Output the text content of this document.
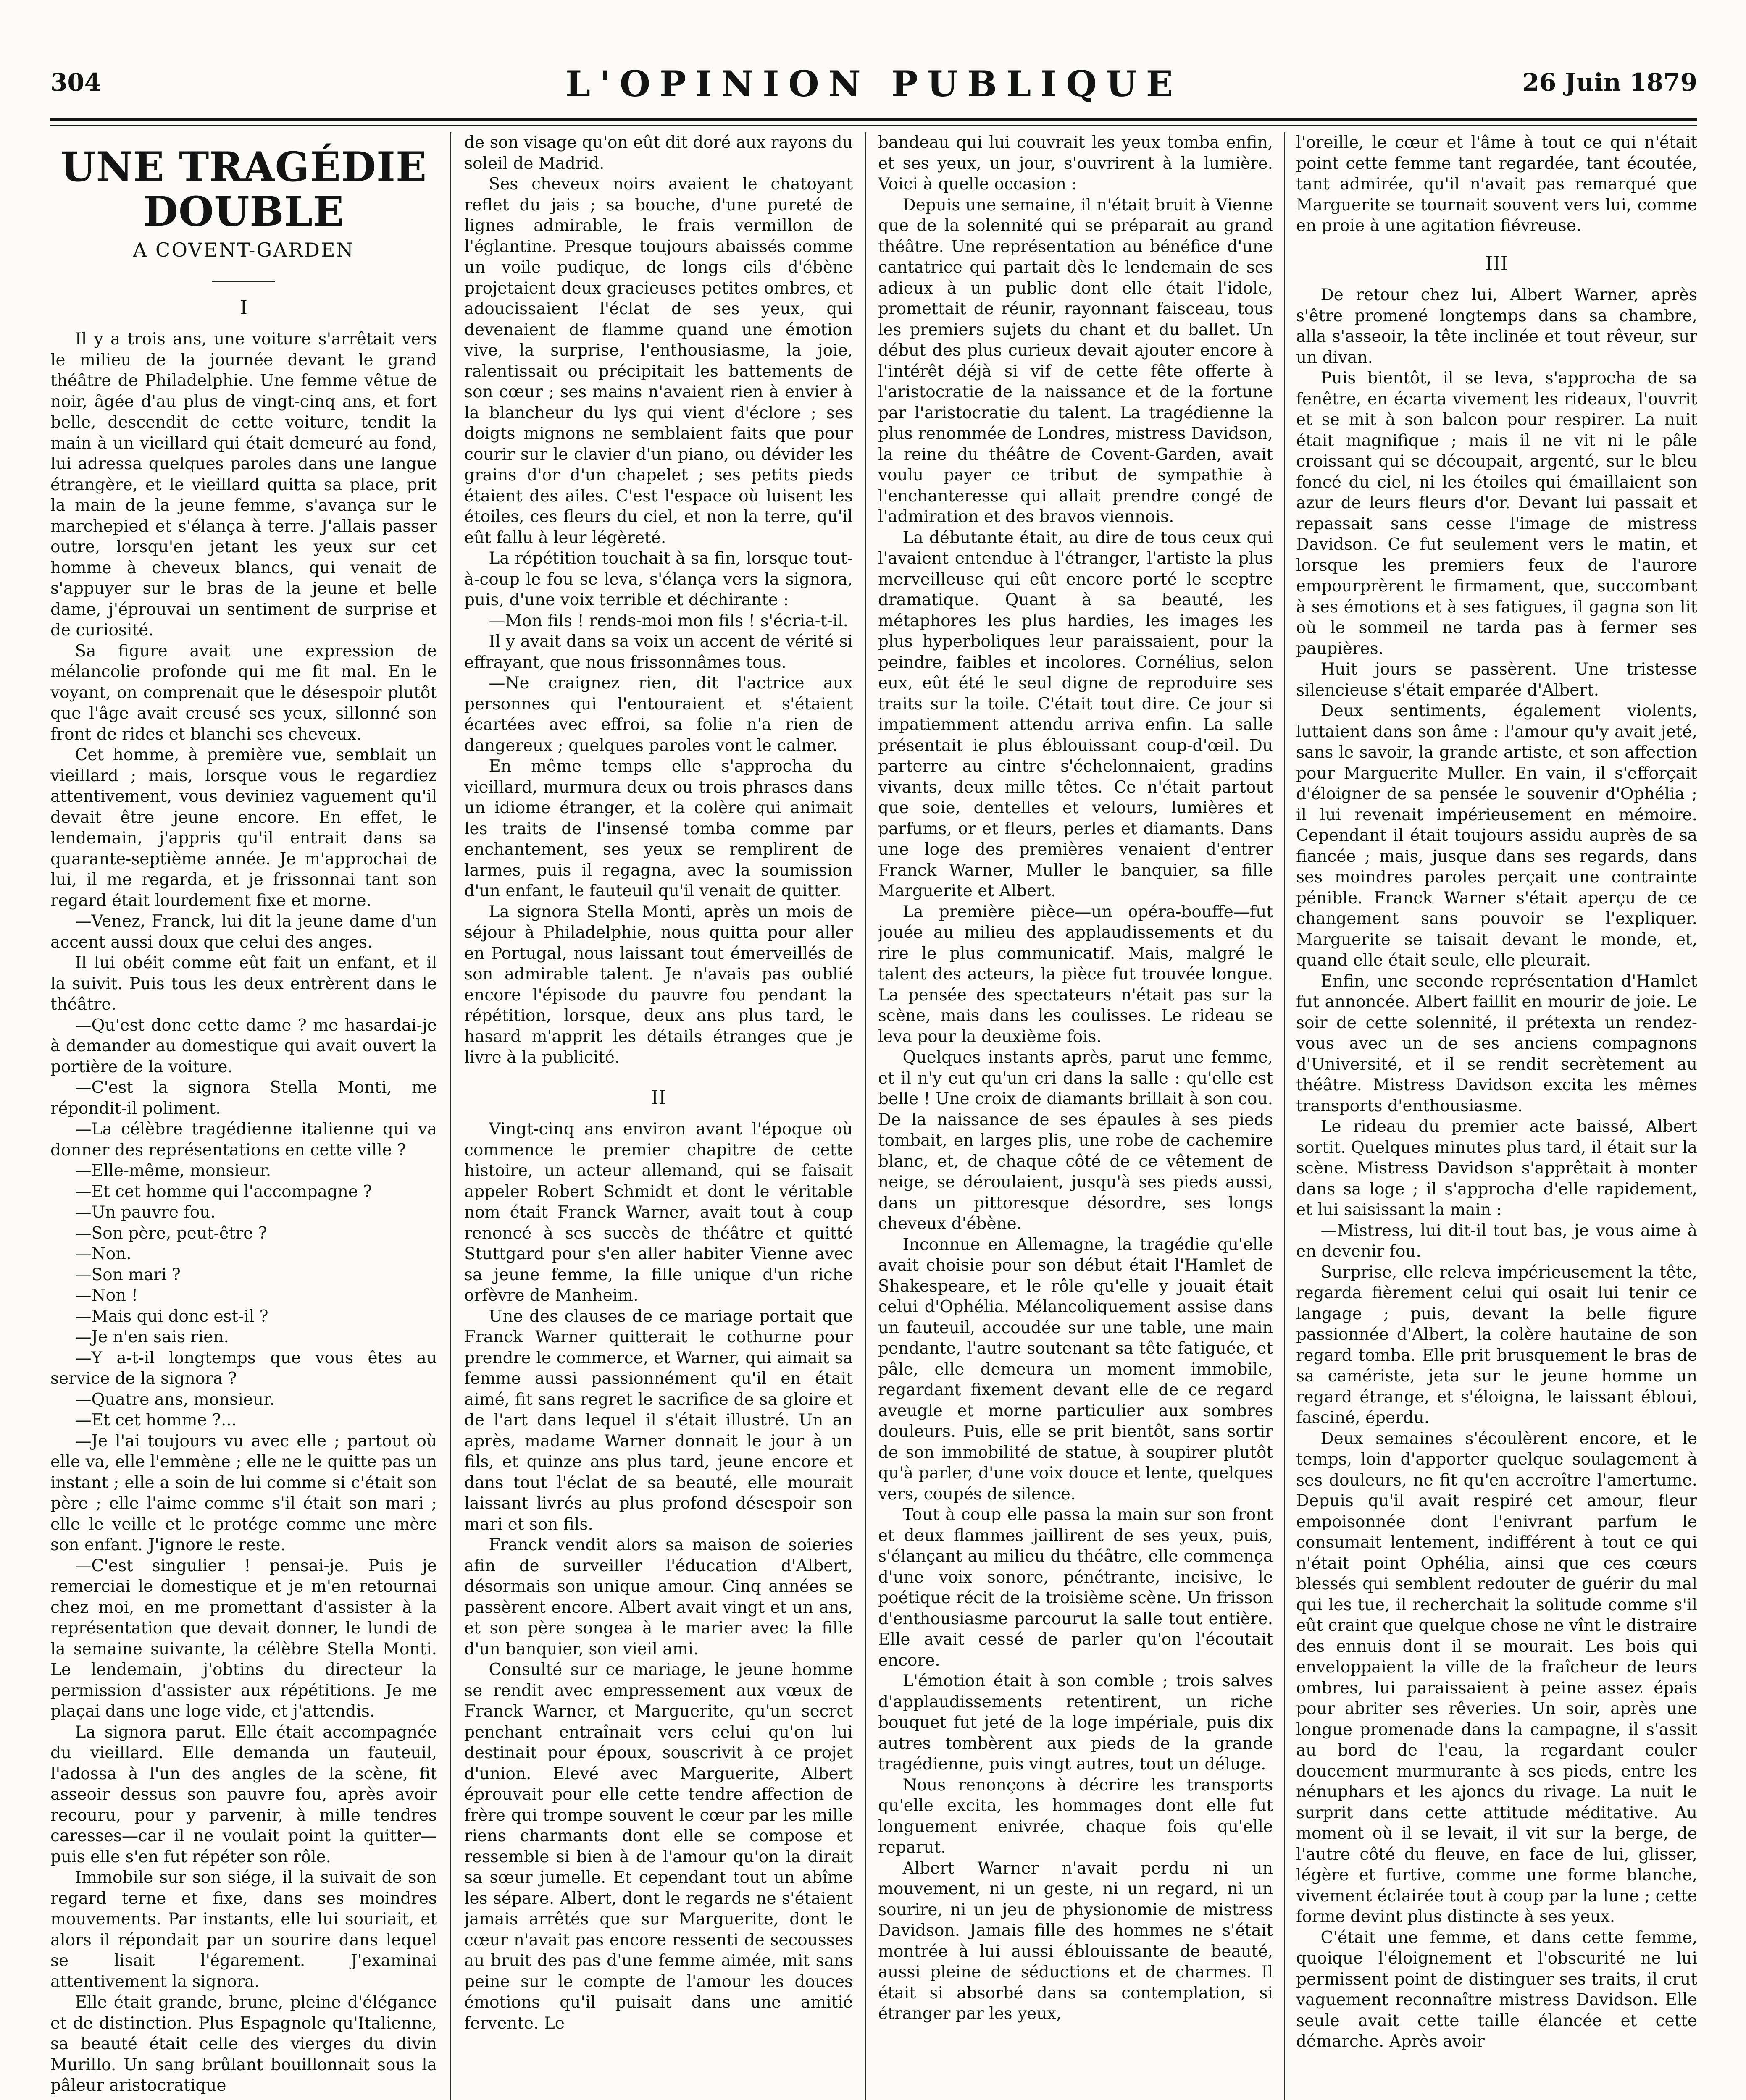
304	L'OPINION PUBLIQUE	26 Juin 1879
UNE TRAGÉDIE DOUBLE
A COVENT-GARDEN
I

Il y a trois ans, une voiture s'arrêtait vers le milieu de la journée devant le grand théâtre de Philadelphie. Une femme vêtue de noir, âgée d'au plus de vingt-cinq ans, et fort belle, descendit de cette voiture, tendit la main à un vieillard qui était demeuré au fond, lui adressa quelques paroles dans une langue étrangère, et le vieillard quitta sa place, prit la main de la jeune femme, s'avança sur le marchepied et s'élança à terre. J'allais passer outre, lorsqu'en jetant les yeux sur cet homme à cheveux blancs, qui venait de s'appuyer sur le bras de la jeune et belle dame, j'éprouvai un sentiment de surprise et de curiosité.

Sa figure avait une expression de mélancolie profonde qui me fit mal. En le voyant, on comprenait que le désespoir plutôt que l'âge avait creusé ses yeux, sillonné son front de rides et blanchi ses cheveux.

Cet homme, à première vue, semblait un vieillard ; mais, lorsque vous le regardiez attentivement, vous deviniez vaguement qu'il devait être jeune encore. En effet, le lendemain, j'appris qu'il entrait dans sa quarante-septième année. Je m'approchai de lui, il me regarda, et je frissonnai tant son regard était lourdement fixe et morne.

—Venez, Franck, lui dit la jeune dame d'un accent aussi doux que celui des anges.

Il lui obéit comme eût fait un enfant, et il la suivit. Puis tous les deux entrèrent dans le théâtre.

—Qu'est donc cette dame ? me hasardai-je à demander au domestique qui avait ouvert la portière de la voiture.

—C'est la signora Stella Monti, me répondit-il poliment.

—La célèbre tragédienne italienne qui va donner des représentations en cette ville ?

—Elle-même, monsieur.

—Et cet homme qui l'accompagne ?

—Un pauvre fou.

—Son père, peut-être ?

—Non.

—Son mari ?

—Non !

—Mais qui donc est-il ?

—Je n'en sais rien.

—Y a-t-il longtemps que vous êtes au service de la signora ?

—Quatre ans, monsieur.

—Et cet homme ?...

—Je l'ai toujours vu avec elle ; partout où elle va, elle l'emmène ; elle ne le quitte pas un instant ; elle a soin de lui comme si c'était son père ; elle l'aime comme s'il était son mari ; elle le veille et le protége comme une mère son enfant. J'ignore le reste.

—C'est singulier ! pensai-je. Puis je remerciai le domestique et je m'en retournai chez moi, en me promettant d'assister à la représentation que devait donner, le lundi de la semaine suivante, la célèbre Stella Monti. Le lendemain, j'obtins du directeur la permission d'assister aux répétitions. Je me plaçai dans une loge vide, et j'attendis.

La signora parut. Elle était accompagnée du vieillard. Elle demanda un fauteuil, l'adossa à l'un des angles de la scène, fit asseoir dessus son pauvre fou, après avoir recouru, pour y parvenir, à mille tendres caresses—car il ne voulait point la quitter—puis elle s'en fut répéter son rôle.

Immobile sur son siége, il la suivait de son regard terne et fixe, dans ses moindres mouvements. Par instants, elle lui souriait, et alors il répondait par un sourire dans lequel se lisait l'égarement. J'examinai attentivement la signora.

Elle était grande, brune, pleine d'élégance et de distinction. Plus Espagnole qu'Italienne, sa beauté était celle des vierges du divin Murillo. Un sang brûlant bouillonnait sous la pâleur aristocratique

de son visage qu'on eût dit doré aux rayons du soleil de Madrid.

Ses cheveux noirs avaient le chatoyant reflet du jais ; sa bouche, d'une pureté de lignes admirable, le frais vermillon de l'églantine. Presque toujours abaissés comme un voile pudique, de longs cils d'ébène projetaient deux gracieuses petites ombres, et adoucissaient l'éclat de ses yeux, qui devenaient de flamme quand une émotion vive, la surprise, l'enthousiasme, la joie, ralentissait ou précipitait les battements de son cœur ; ses mains n'avaient rien à envier à la blancheur du lys qui vient d'éclore ; ses doigts mignons ne semblaient faits que pour courir sur le clavier d'un piano, ou dévider les grains d'or d'un chapelet ; ses petits pieds étaient des ailes. C'est l'espace où luisent les étoiles, ces fleurs du ciel, et non la terre, qu'il eût fallu à leur légèreté.

La répétition touchait à sa fin, lorsque tout-à-coup le fou se leva, s'élança vers la signora, puis, d'une voix terrible et déchirante :

—Mon fils ! rends-moi mon fils ! s'écria-t-il.

Il y avait dans sa voix un accent de vérité si effrayant, que nous frissonnâmes tous.

—Ne craignez rien, dit l'actrice aux personnes qui l'entouraient et s'étaient écartées avec effroi, sa folie n'a rien de dangereux ; quelques paroles vont le calmer.

En même temps elle s'approcha du vieillard, murmura deux ou trois phrases dans un idiome étranger, et la colère qui animait les traits de l'insensé tomba comme par enchantement, ses yeux se remplirent de larmes, puis il regagna, avec la soumission d'un enfant, le fauteuil qu'il venait de quitter.

La signora Stella Monti, après un mois de séjour à Philadelphie, nous quitta pour aller en Portugal, nous laissant tout émerveillés de son admirable talent. Je n'avais pas oublié encore l'épisode du pauvre fou pendant la répétition, lorsque, deux ans plus tard, le hasard m'apprit les détails étranges que je livre à la publicité.

II

Vingt-cinq ans environ avant l'époque où commence le premier chapitre de cette histoire, un acteur allemand, qui se faisait appeler Robert Schmidt et dont le véritable nom était Franck Warner, avait tout à coup renoncé à ses succès de théâtre et quitté Stuttgard pour s'en aller habiter Vienne avec sa jeune femme, la fille unique d'un riche orfèvre de Manheim.

Une des clauses de ce mariage portait que Franck Warner quitterait le cothurne pour prendre le commerce, et Warner, qui aimait sa femme aussi passionnément qu'il en était aimé, fit sans regret le sacrifice de sa gloire et de l'art dans lequel il s'était illustré. Un an après, madame Warner donnait le jour à un fils, et quinze ans plus tard, jeune encore et dans tout l'éclat de sa beauté, elle mourait laissant livrés au plus profond désespoir son mari et son fils.

Franck vendit alors sa maison de soieries afin de surveiller l'éducation d'Albert, désormais son unique amour. Cinq années se passèrent encore. Albert avait vingt et un ans, et son père songea à le marier avec la fille d'un banquier, son vieil ami.

Consulté sur ce mariage, le jeune homme se rendit avec empressement aux vœux de Franck Warner, et Marguerite, qu'un secret penchant entraînait vers celui qu'on lui destinait pour époux, souscrivit à ce projet d'union. Elevé avec Marguerite, Albert éprouvait pour elle cette tendre affection de frère qui trompe souvent le cœur par les mille riens charmants dont elle se compose et ressemble si bien à de l'amour qu'on la dirait sa sœur jumelle. Et cependant tout un abîme les sépare. Albert, dont le regards ne s'étaient jamais arrêtés que sur Marguerite, dont le cœur n'avait pas encore ressenti de secousses au bruit des pas d'une femme aimée, mit sans peine sur le compte de l'amour les douces émotions qu'il puisait dans une amitié fervente. Le

bandeau qui lui couvrait les yeux tomba enfin, et ses yeux, un jour, s'ouvrirent à la lumière. Voici à quelle occasion :

Depuis une semaine, il n'était bruit à Vienne que de la solennité qui se préparait au grand théâtre. Une représentation au bénéfice d'une cantatrice qui partait dès le lendemain de ses adieux à un public dont elle était l'idole, promettait de réunir, rayonnant faisceau, tous les premiers sujets du chant et du ballet. Un début des plus curieux devait ajouter encore à l'intérêt déjà si vif de cette fête offerte à l'aristocratie de la naissance et de la fortune par l'aristocratie du talent. La tragédienne la plus renommée de Londres, mistress Davidson, la reine du théâtre de Covent-Garden, avait voulu payer ce tribut de sympathie à l'enchanteresse qui allait prendre congé de l'admiration et des bravos viennois.

La débutante était, au dire de tous ceux qui l'avaient entendue à l'étranger, l'artiste la plus merveilleuse qui eût encore porté le sceptre dramatique. Quant à sa beauté, les métaphores les plus hardies, les images les plus hyperboliques leur paraissaient, pour la peindre, faibles et incolores. Cornélius, selon eux, eût été le seul digne de reproduire ses traits sur la toile. C'était tout dire. Ce jour si impatiemment attendu arriva enfin. La salle présentait ie plus éblouissant coup-d'œil. Du parterre au cintre s'échelonnaient, gradins vivants, deux mille têtes. Ce n'était partout que soie, dentelles et velours, lumières et parfums, or et fleurs, perles et diamants. Dans une loge des premières venaient d'entrer Franck Warner, Muller le banquier, sa fille Marguerite et Albert.

La première pièce—un opéra-bouffe—fut jouée au milieu des applaudissements et du rire le plus communicatif. Mais, malgré le talent des acteurs, la pièce fut trouvée longue. La pensée des spectateurs n'était pas sur la scène, mais dans les coulisses. Le rideau se leva pour la deuxième fois.

Quelques instants après, parut une femme, et il n'y eut qu'un cri dans la salle : qu'elle est belle ! Une croix de diamants brillait à son cou. De la naissance de ses épaules à ses pieds tombait, en larges plis, une robe de cachemire blanc, et, de chaque côté de ce vêtement de neige, se déroulaient, jusqu'à ses pieds aussi, dans un pittoresque désordre, ses longs cheveux d'ébène.

Inconnue en Allemagne, la tragédie qu'elle avait choisie pour son début était l'Hamlet de Shakespeare, et le rôle qu'elle y jouait était celui d'Ophélia. Mélancoliquement assise dans un fauteuil, accoudée sur une table, une main pendante, l'autre soutenant sa tête fatiguée, et pâle, elle demeura un moment immobile, regardant fixement devant elle de ce regard aveugle et morne particulier aux sombres douleurs. Puis, elle se prit bientôt, sans sortir de son immobilité de statue, à soupirer plutôt qu'à parler, d'une voix douce et lente, quelques vers, coupés de silence.

Tout à coup elle passa la main sur son front et deux flammes jaillirent de ses yeux, puis, s'élançant au milieu du théâtre, elle commença d'une voix sonore, pénétrante, incisive, le poétique récit de la troisième scène. Un frisson d'enthousiasme parcourut la salle tout entière. Elle avait cessé de parler qu'on l'écoutait encore.

L'émotion était à son comble ; trois salves d'applaudissements retentirent, un riche bouquet fut jeté de la loge impériale, puis dix autres tombèrent aux pieds de la grande tragédienne, puis vingt autres, tout un déluge.

Nous renonçons à décrire les transports qu'elle excita, les hommages dont elle fut longuement enivrée, chaque fois qu'elle reparut.

Albert Warner n'avait perdu ni un mouvement, ni un geste, ni un regard, ni un sourire, ni un jeu de physionomie de mistress Davidson. Jamais fille des hommes ne s'était montrée à lui aussi éblouissante de beauté, aussi pleine de séductions et de charmes. Il était si absorbé dans sa contemplation, si étranger par les yeux,

l'oreille, le cœur et l'âme à tout ce qui n'était point cette femme tant regardée, tant écoutée, tant admirée, qu'il n'avait pas remarqué que Marguerite se tournait souvent vers lui, comme en proie à une agitation fiévreuse.

III

De retour chez lui, Albert Warner, après s'être promené longtemps dans sa chambre, alla s'asseoir, la tête inclinée et tout rêveur, sur un divan.

Puis bientôt, il se leva, s'approcha de sa fenêtre, en écarta vivement les rideaux, l'ouvrit et se mit à son balcon pour respirer. La nuit était magnifique ; mais il ne vit ni le pâle croissant qui se découpait, argenté, sur le bleu foncé du ciel, ni les étoiles qui émaillaient son azur de leurs fleurs d'or. Devant lui passait et repassait sans cesse l'image de mistress Davidson. Ce fut seulement vers le matin, et lorsque les premiers feux de l'aurore empourprèrent le firmament, que, succombant à ses émotions et à ses fatigues, il gagna son lit où le sommeil ne tarda pas à fermer ses paupières.

Huit jours se passèrent. Une tristesse silencieuse s'était emparée d'Albert.

Deux sentiments, également violents, luttaient dans son âme : l'amour qu'y avait jeté, sans le savoir, la grande artiste, et son affection pour Marguerite Muller. En vain, il s'efforçait d'éloigner de sa pensée le souvenir d'Ophélia ; il lui revenait impérieusement en mémoire. Cependant il était toujours assidu auprès de sa fiancée ; mais, jusque dans ses regards, dans ses moindres paroles perçait une contrainte pénible. Franck Warner s'était aperçu de ce changement sans pouvoir se l'expliquer. Marguerite se taisait devant le monde, et, quand elle était seule, elle pleurait.

Enfin, une seconde représentation d'Hamlet fut annoncée. Albert faillit en mourir de joie. Le soir de cette solennité, il prétexta un rendez-vous avec un de ses anciens compagnons d'Université, et il se rendit secrètement au théâtre. Mistress Davidson excita les mêmes transports d'enthousiasme.

Le rideau du premier acte baissé, Albert sortit. Quelques minutes plus tard, il était sur la scène. Mistress Davidson s'apprêtait à monter dans sa loge ; il s'approcha d'elle rapidement, et lui saisissant la main :

—Mistress, lui dit-il tout bas, je vous aime à en devenir fou.

Surprise, elle releva impérieusement la tête, regarda fièrement celui qui osait lui tenir ce langage ; puis, devant la belle figure passionnée d'Albert, la colère hautaine de son regard tomba. Elle prit brusquement le bras de sa camériste, jeta sur le jeune homme un regard étrange, et s'éloigna, le laissant ébloui, fasciné, éperdu.

Deux semaines s'écoulèrent encore, et le temps, loin d'apporter quelque soulagement à ses douleurs, ne fit qu'en accroître l'amertume. Depuis qu'il avait respiré cet amour, fleur empoisonnée dont l'enivrant parfum le consumait lentement, indifférent à tout ce qui n'était point Ophélia, ainsi que ces cœurs blessés qui semblent redouter de guérir du mal qui les tue, il recherchait la solitude comme s'il eût craint que quelque chose ne vînt le distraire des ennuis dont il se mourait. Les bois qui enveloppaient la ville de la fraîcheur de leurs ombres, lui paraissaient à peine assez épais pour abriter ses rêveries. Un soir, après une longue promenade dans la campagne, il s'assit au bord de l'eau, la regardant couler doucement murmurante à ses pieds, entre les nénuphars et les ajoncs du rivage. La nuit le surprit dans cette attitude méditative. Au moment où il se levait, il vit sur la berge, de l'autre côté du fleuve, en face de lui, glisser, légère et furtive, comme une forme blanche, vivement éclairée tout à coup par la lune ; cette forme devint plus distincte à ses yeux.

C'était une femme, et dans cette femme, quoique l'éloignement et l'obscurité ne lui permissent point de distinguer ses traits, il crut vaguement reconnaître mistress Davidson. Elle seule avait cette taille élancée et cette démarche. Après avoir
